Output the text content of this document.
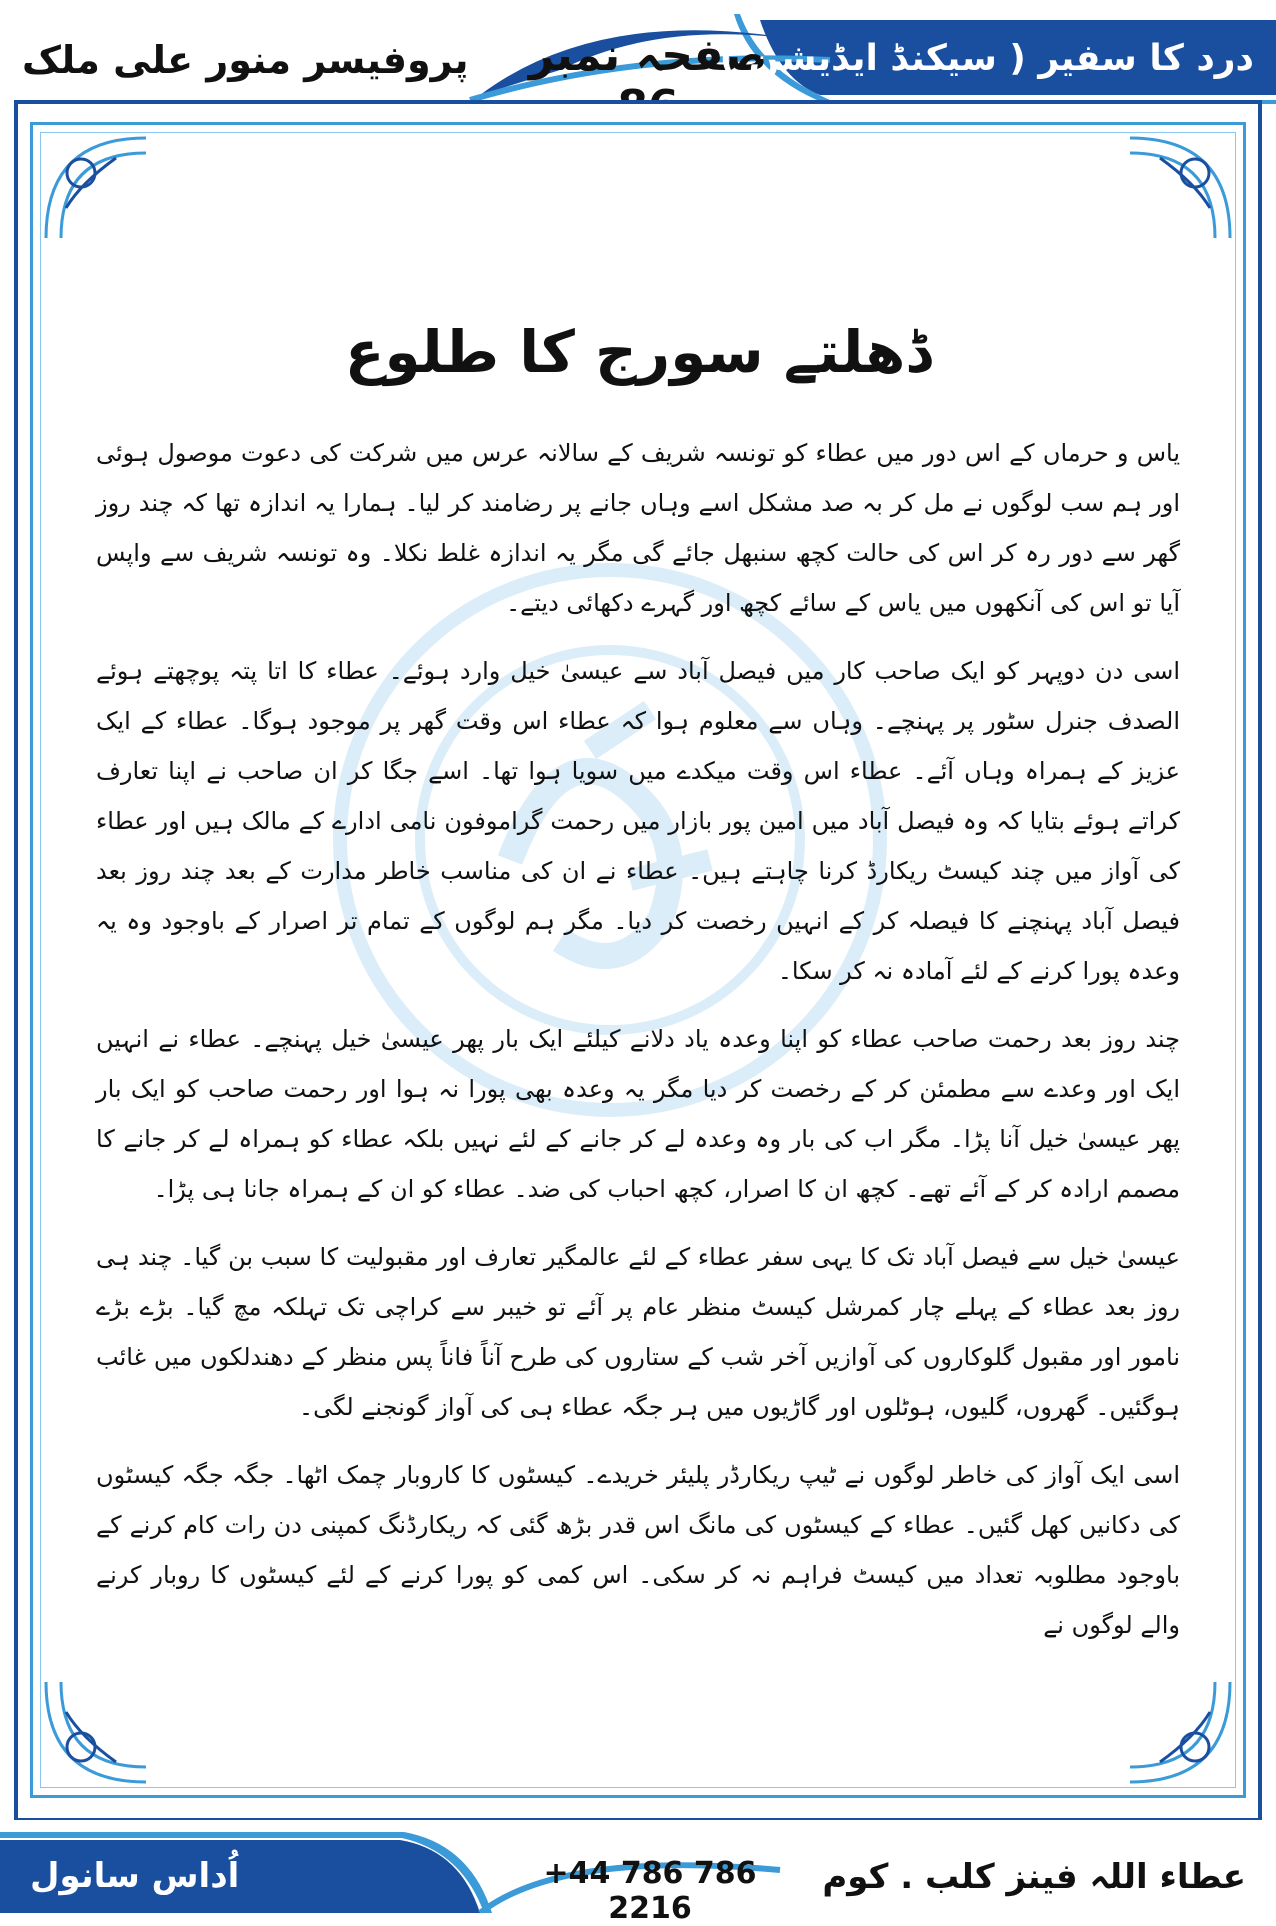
پروفیسر منور علی ملک	صفحہ نمبر	درد کا سفیر ( سیکنڈ ایڈیشن )
ڈھلتے سورج کا طلوع

یاس و حرماں کے اس دور میں عطاء کو تونسہ شریف کے سالانہ عرس میں شرکت کی دعوت موصول ہوئی اور ہم سب لوگوں نے مل کر بہ صد مشکل اسے وہاں جانے پر رضامند کر لیا۔ ہمارا یہ اندازہ تھا کہ چند روز گھر سے دور رہ کر اس کی حالت کچھ سنبھل جائے گی مگر یہ اندازہ غلط نکلا۔ وہ تونسہ شریف سے واپس آیا تو اس کی آنکھوں میں یاس کے سائے کچھ اور گہرے دکھائی دیتے۔

اسی دن دوپہر کو ایک صاحب کار میں فیصل آباد سے عیسیٰ خیل وارد ہوئے۔ عطاء کا اتا پتہ پوچھتے ہوئے الصدف جنرل سٹور پر پہنچے۔ وہاں سے معلوم ہوا کہ عطاء اس وقت گھر پر موجود ہوگا۔ عطاء کے ایک عزیز کے ہمراہ وہاں آئے۔ عطاء اس وقت میکدے میں سویا ہوا تھا۔ اسے جگا کر ان صاحب نے اپنا تعارف کراتے ہوئے بتایا کہ وہ فیصل آباد میں امین پور بازار میں رحمت گراموفون نامی ادارے کے مالک ہیں اور عطاء کی آواز میں چند کیسٹ ریکارڈ کرنا چاہتے ہیں۔ عطاء نے ان کی مناسب خاطر مدارت کے بعد چند روز بعد فیصل آباد پہنچنے کا فیصلہ کر کے انہیں رخصت کر دیا۔ مگر ہم لوگوں کے تمام تر اصرار کے باوجود وہ یہ وعدہ پورا کرنے کے لئے آمادہ نہ کر سکا۔

چند روز بعد رحمت صاحب عطاء کو اپنا وعدہ یاد دلانے کیلئے ایک بار پھر عیسیٰ خیل پہنچے۔ عطاء نے انہیں ایک اور وعدے سے مطمئن کر کے رخصت کر دیا مگر یہ وعدہ بھی پورا نہ ہوا اور رحمت صاحب کو ایک بار پھر عیسیٰ خیل آنا پڑا۔ مگر اب کی بار وہ وعدہ لے کر جانے کے لئے نہیں بلکہ عطاء کو ہمراہ لے کر جانے کا مصمم ارادہ کر کے آئے تھے۔ کچھ ان کا اصرار، کچھ احباب کی ضد۔ عطاء کو ان کے ہمراہ جانا ہی پڑا۔

عیسیٰ خیل سے فیصل آباد تک کا یہی سفر عطاء کے لئے عالمگیر تعارف اور مقبولیت کا سبب بن گیا۔ چند ہی روز بعد عطاء کے پہلے چار کمرشل کیسٹ منظر عام پر آئے تو خیبر سے کراچی تک تہلکہ مچ گیا۔ بڑے بڑے نامور اور مقبول گلوکاروں کی آوازیں آخر شب کے ستاروں کی طرح آناً فاناً پس منظر کے دھندلکوں میں غائب ہوگئیں۔ گھروں، گلیوں، ہوٹلوں اور گاڑیوں میں ہر جگہ عطاء ہی کی آواز گونجنے لگی۔

اسی ایک آواز کی خاطر لوگوں نے ٹیپ ریکارڈر پلیئر خریدے۔ کیسٹوں کا کاروبار چمک اٹھا۔ جگہ جگہ کیسٹوں کی دکانیں کھل گئیں۔ عطاء کے کیسٹوں کی مانگ اس قدر بڑھ گئی کہ ریکارڈنگ کمپنی دن رات کام کرنے کے باوجود مطلوبہ تعداد میں کیسٹ فراہم نہ کر سکی۔ اس کمی کو پورا کرنے کے لئے کیسٹوں کا روبار کرنے والے لوگوں نے

اُداس سانول	+44 786 786 2216
عطاء اللہ فینز کلب . کوم
